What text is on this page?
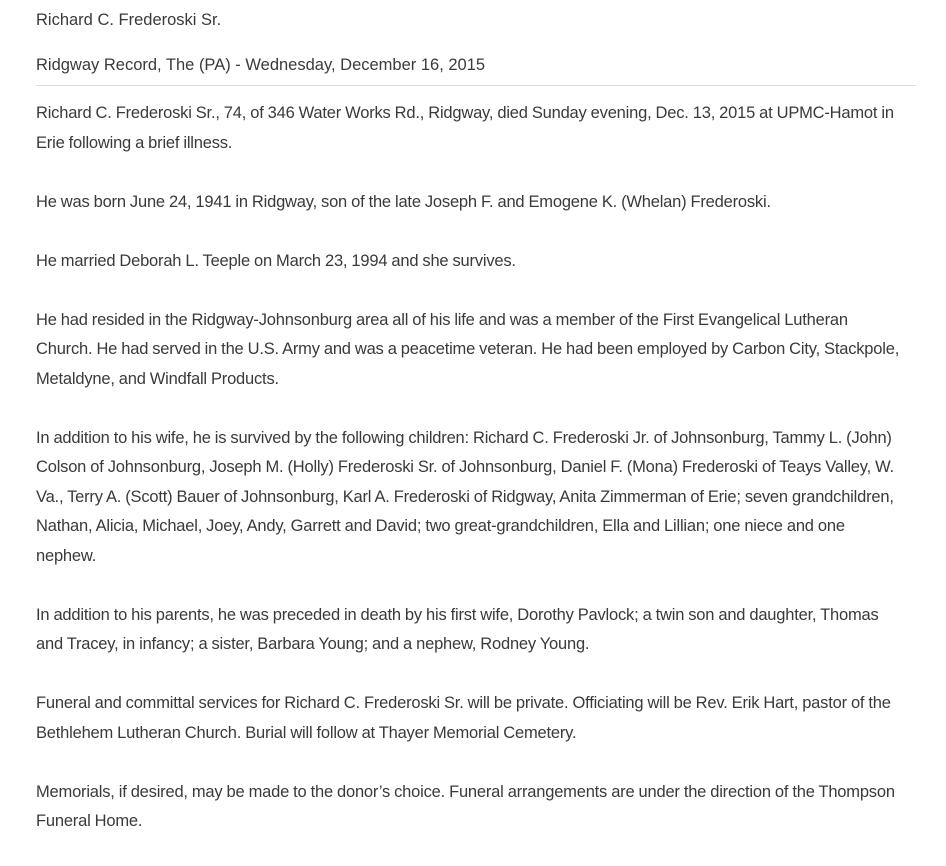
Richard C. Frederoski Sr.
Ridgway Record, The (PA) - Wednesday, December 16, 2015

Richard C. Frederoski Sr., 74, of 346 Water Works Rd., Ridgway, died Sunday evening, Dec. 13, 2015 at UPMC-Hamot in Erie following a brief illness.

He was born June 24, 1941 in Ridgway, son of the late Joseph F. and Emogene K. (Whelan) Frederoski.

He married Deborah L. Teeple on March 23, 1994 and she survives.

He had resided in the Ridgway-Johnsonburg area all of his life and was a member of the First Evangelical Lutheran Church. He had served in the U.S. Army and was a peacetime veteran. He had been employed by Carbon City, Stackpole, Metaldyne, and Windfall Products.

In addition to his wife, he is survived by the following children: Richard C. Frederoski Jr. of Johnsonburg, Tammy L. (John) Colson of Johnsonburg, Joseph M. (Holly) Frederoski Sr. of Johnsonburg, Daniel F. (Mona) Frederoski of Teays Valley, W. Va., Terry A. (Scott) Bauer of Johnsonburg, Karl A. Frederoski of Ridgway, Anita Zimmerman of Erie; seven grandchildren, Nathan, Alicia, Michael, Joey, Andy, Garrett and David; two great-grandchildren, Ella and Lillian; one niece and one nephew.

In addition to his parents, he was preceded in death by his first wife, Dorothy Pavlock; a twin son and daughter, Thomas and Tracey, in infancy; a sister, Barbara Young; and a nephew, Rodney Young.

Funeral and committal services for Richard C. Frederoski Sr. will be private. Officiating will be Rev. Erik Hart, pastor of the Bethlehem Lutheran Church. Burial will follow at Thayer Memorial Cemetery.

Memorials, if desired, may be made to the donor’s choice. Funeral arrangements are under the direction of the Thompson Funeral Home.
